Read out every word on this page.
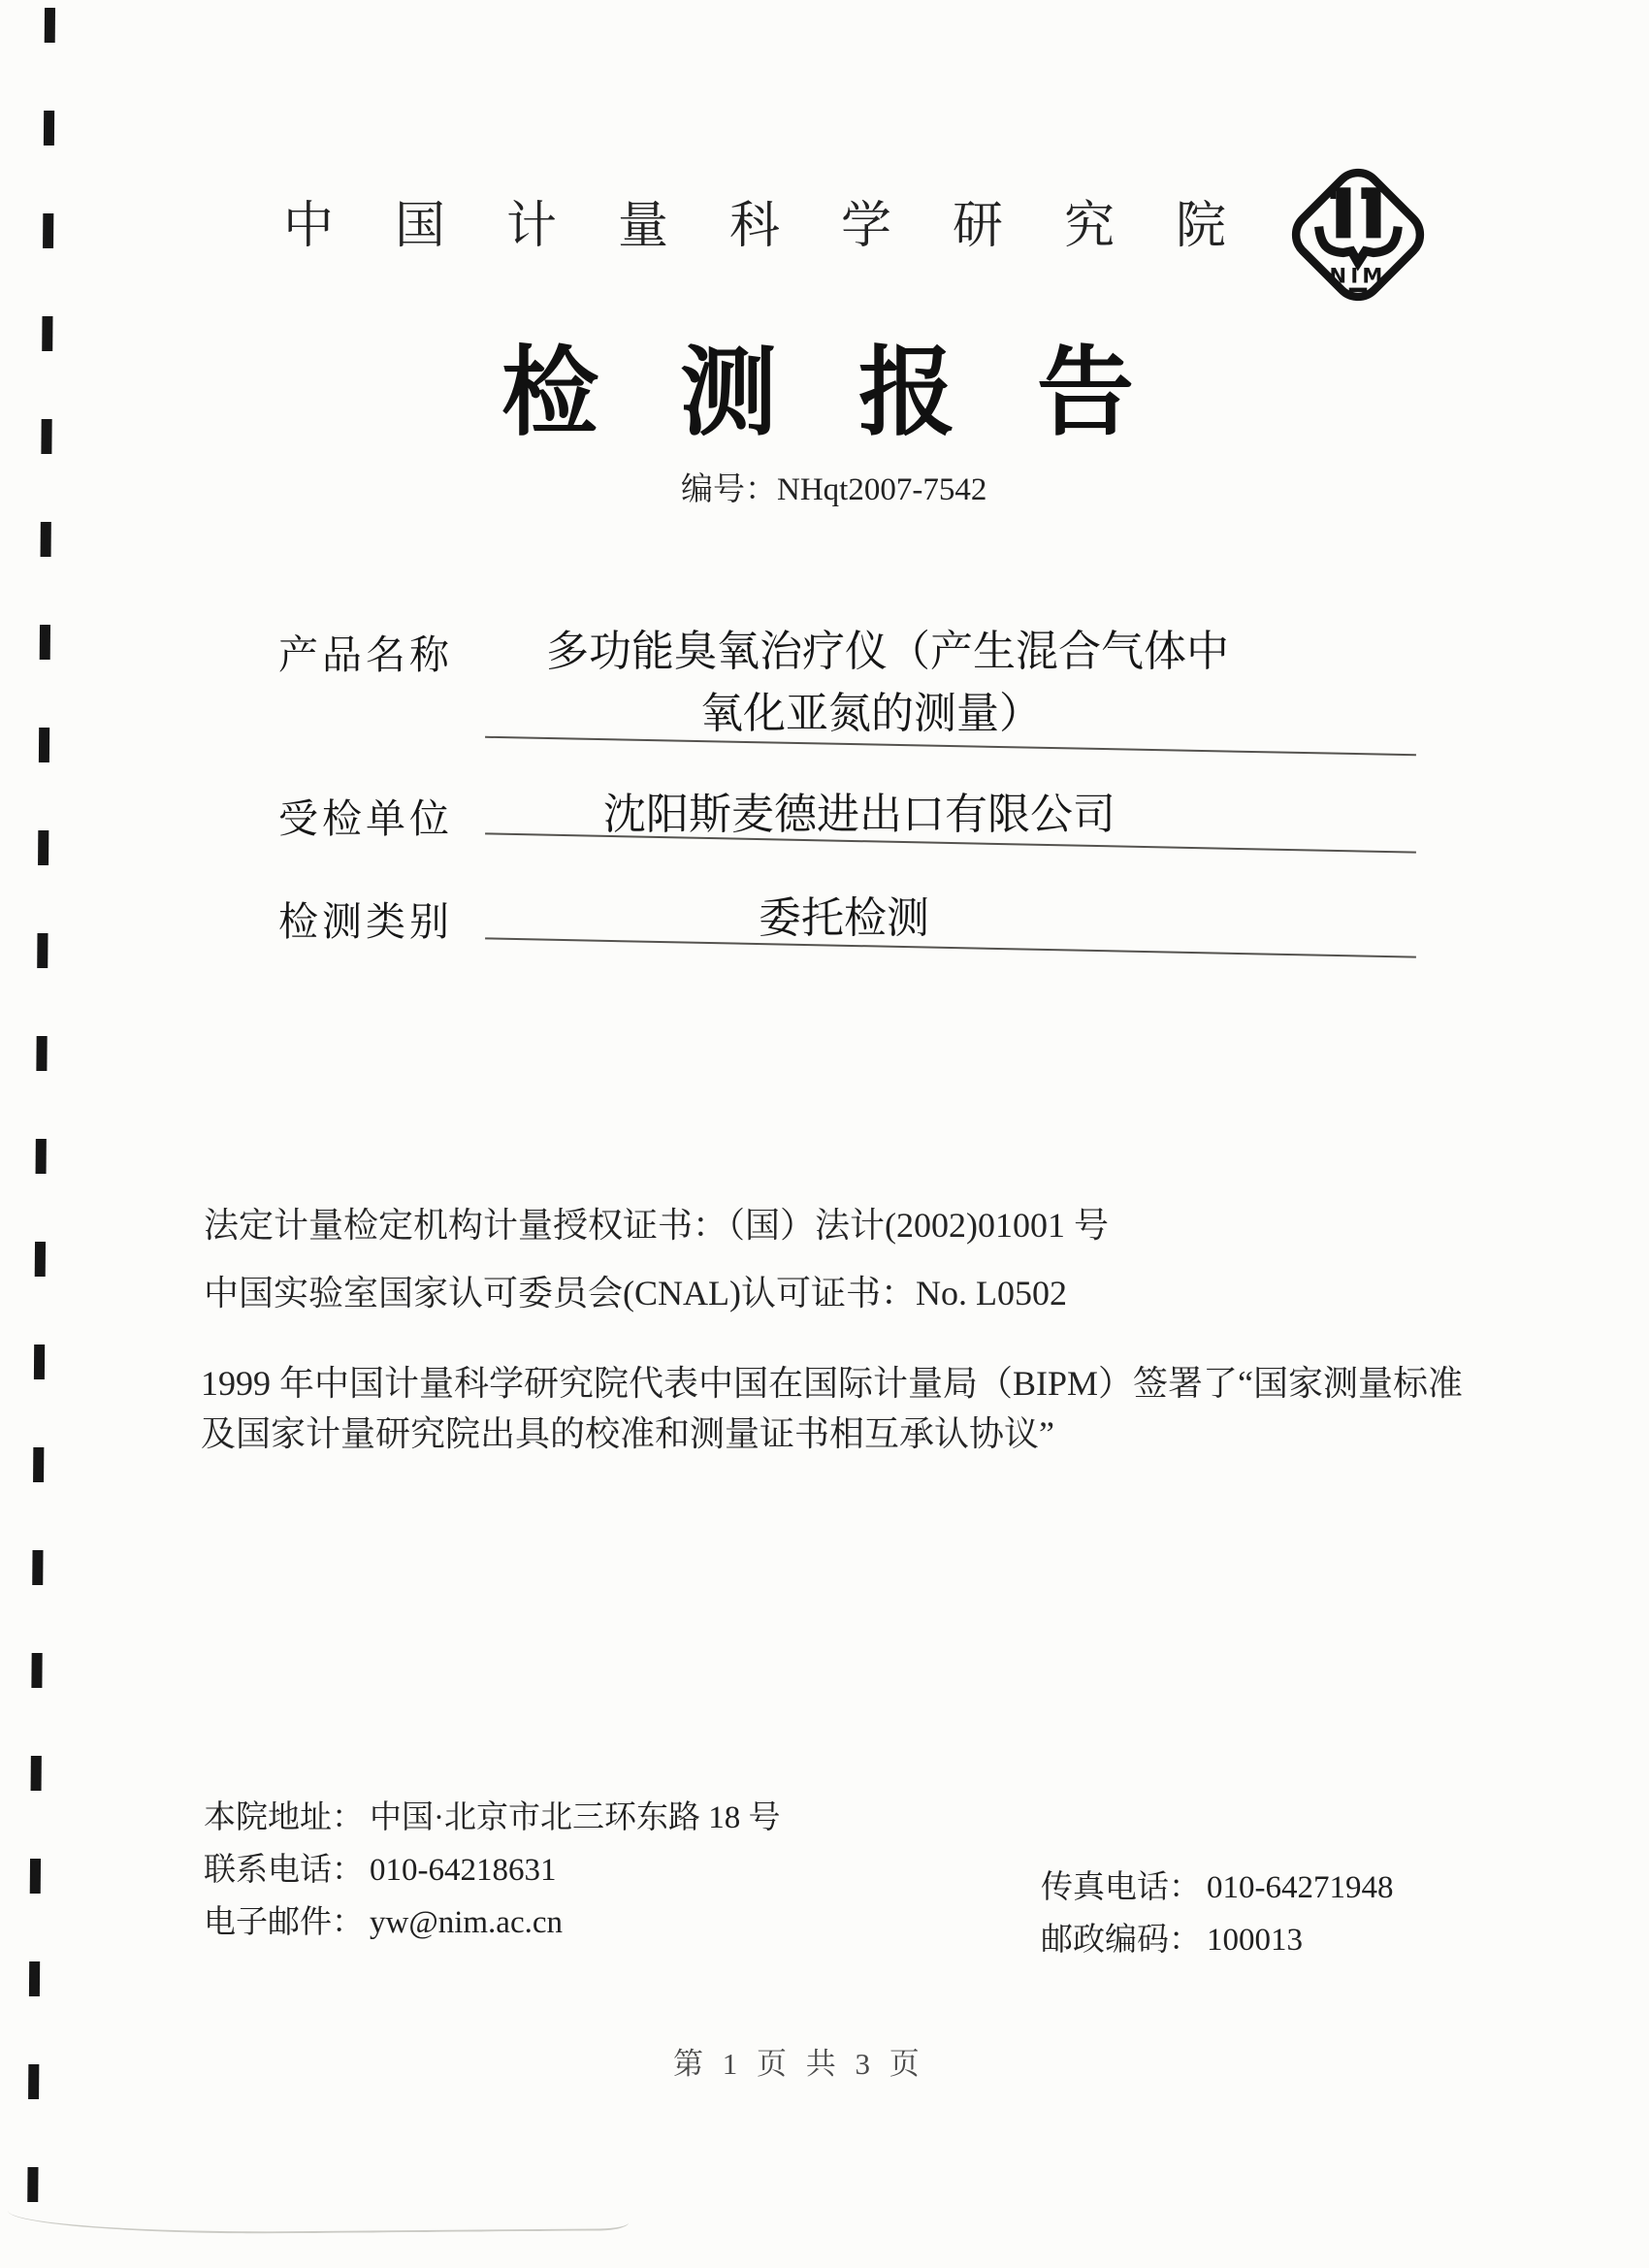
中国计量科学研究院
NIM
检测报告
编号：NHqt2007-7542
产品名称 多功能臭氧治疗仪（产生混合气体中
氧化亚氮的测量）
受检单位	沈阳斯麦德进出口有限公司
检测类别	委托检测
法定计量检定机构计量授权证书：（国）法计(2002)01001 号
中国实验室国家认可委员会(CNAL)认可证书：No. L0502
1999 年中国计量科学研究院代表中国在国际计量局（BIPM）签署了“国家测量标准
及国家计量研究院出具的校准和测量证书相互承认协议”
本院地址： 中国·北京市北三环东路 18 号
联系电话： 010-64218631
电子邮件： yw@nim.ac.cn
传真电话： 010-64271948
邮政编码： 100013
第 1 页 共 3 页
